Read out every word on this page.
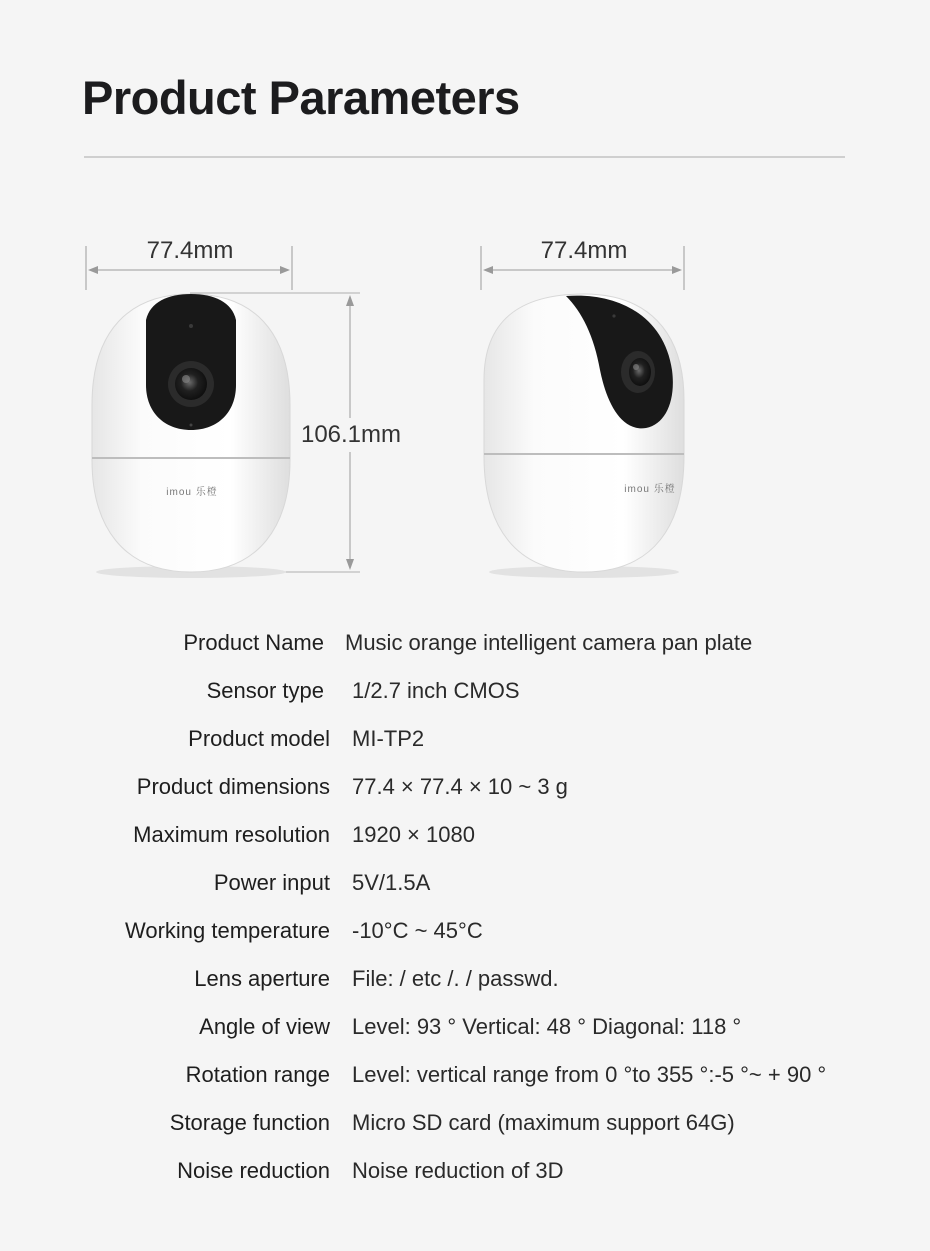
Product Parameters
77.4mm	77.4mm
106.1mm
imou 乐橙	imou 乐橙
Product Name Music orange intelligent camera pan plate
Sensor type 1/2.7 inch CMOS
Product model MI-TP2
Product dimensions 77.4 × 77.4 × 10 ~ 3 g
Maximum resolution 1920 × 1080
Power input 5V/1.5A
Working temperature -10°C ~ 45°C
Lens aperture File: / etc /. / passwd.
Angle of view Level: 93 ° Vertical: 48 ° Diagonal: 118 °
Rotation range Level: vertical range from 0 °to 355 °:-5 °~ + 90 °
Storage function Micro SD card (maximum support 64G)
Noise reduction Noise reduction of 3D
